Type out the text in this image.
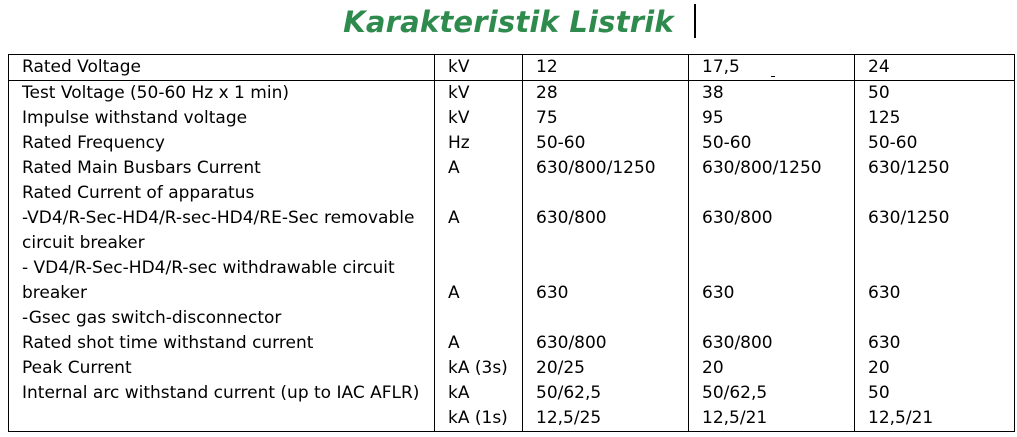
Karakteristik Listrik
Rated Voltage	kV	12	17,5	24
Test Voltage (50-60 Hz x 1 min)	kV	28	38	50
Impulse withstand voltage	kV	75	95	125
Rated Frequency	Hz	50-60	50-60	50-60
Rated Main Busbars Current	A	630/800/1250	630/800/1250	630/1250
Rated Current of apparatus				
-VD4/R-Sec-HD4/R-sec-HD4/RE-Sec removable	A	630/800	630/800	630/1250
circuit breaker				
- VD4/R-Sec-HD4/R-sec withdrawable circuit				
breaker	A	630	630	630
-Gsec gas switch-disconnector				
Rated shot time withstand current	A	630/800	630/800	630
Peak Current	kA (3s)	20/25	20	20
Internal arc withstand current (up to IAC AFLR)	kA	50/62,5	50/62,5	50
	kA (1s)	12,5/25	12,5/21	12,5/21
